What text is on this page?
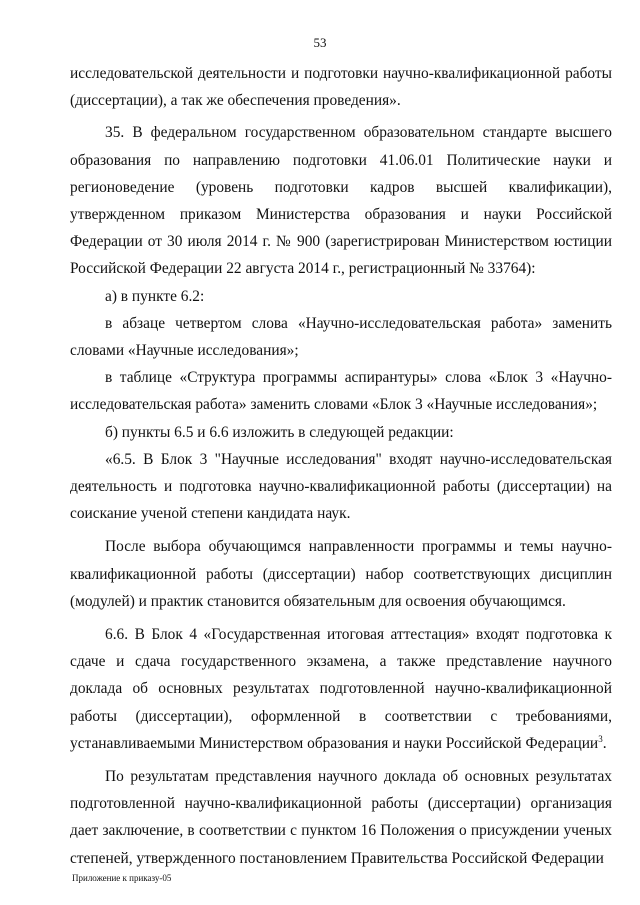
53

исследовательской деятельности и подготовки научно-квалификационной работы (диссертации), а так же обеспечения проведения».

35. В федеральном государственном образовательном стандарте высшего образования по направлению подготовки 41.06.01 Политические науки и регионоведение (уровень подготовки кадров высшей квалификации), утвержденном приказом Министерства образования и науки Российской Федерации от 30 июля 2014 г. № 900 (зарегистрирован Министерством юстиции Российской Федерации 22 августа 2014 г., регистрационный № 33764):

а) в пункте 6.2:

в абзаце четвертом слова «Научно-исследовательская работа» заменить словами «Научные исследования»;

в таблице «Структура программы аспирантуры» слова «Блок 3 «Научно-исследовательская работа» заменить словами «Блок 3 «Научные исследования»;

б) пункты 6.5 и 6.6 изложить в следующей редакции:

«6.5. В Блок 3 "Научные исследования" входят научно-исследовательская деятельность и подготовка научно-квалификационной работы (диссертации) на соискание ученой степени кандидата наук.

После выбора обучающимся направленности программы и темы научно-квалификационной работы (диссертации) набор соответствующих дисциплин (модулей) и практик становится обязательным для освоения обучающимся.

6.6. В Блок 4 «Государственная итоговая аттестация» входят подготовка к сдаче и сдача государственного экзамена, а также представление научного доклада об основных результатах подготовленной научно-квалификационной работы (диссертации), оформленной в соответствии с требованиями, устанавливаемыми Министерством образования и науки Российской Федерации$^3$.

По результатам представления научного доклада об основных результатах подготовленной научно-квалификационной работы (диссертации) организация дает заключение, в соответствии с пунктом 16 Положения о присуждении ученых степеней, утвержденного постановлением Правительства Российской Федерации

Приложение к приказу-05
